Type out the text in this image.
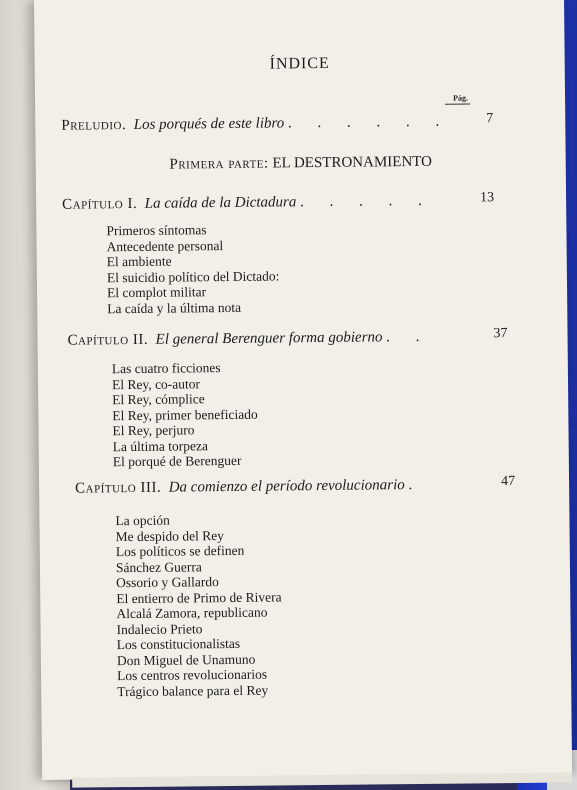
ÍNDICE
Pág.
Preludio. Los porqués de este libro . . . . . .	7
Primera parte: EL DESTRONAMIENTO
Capítulo I. La caída de la Dictadura . . . . .	13
Primeros síntomas
Antecedente personal
El ambiente
El suicidio político del Dictado:
El complot militar
La caída y la última nota
Capítulo II. El general Berenguer forma gobierno . .	37
Las cuatro ficciones
El Rey, co-autor
El Rey, cómplice
El Rey, primer beneficiado
El Rey, perjuro
La última torpeza
El porqué de Berenguer
Capítulo III. Da comienzo el período revolucionario .	47
La opción
Me despido del Rey
Los políticos se definen
Sánchez Guerra
Ossorio y Gallardo
El entierro de Primo de Rivera
Alcalá Zamora, republicano
Indalecio Prieto
Los constitucionalistas
Don Miguel de Unamuno
Los centros revolucionarios
Trágico balance para el Rey
